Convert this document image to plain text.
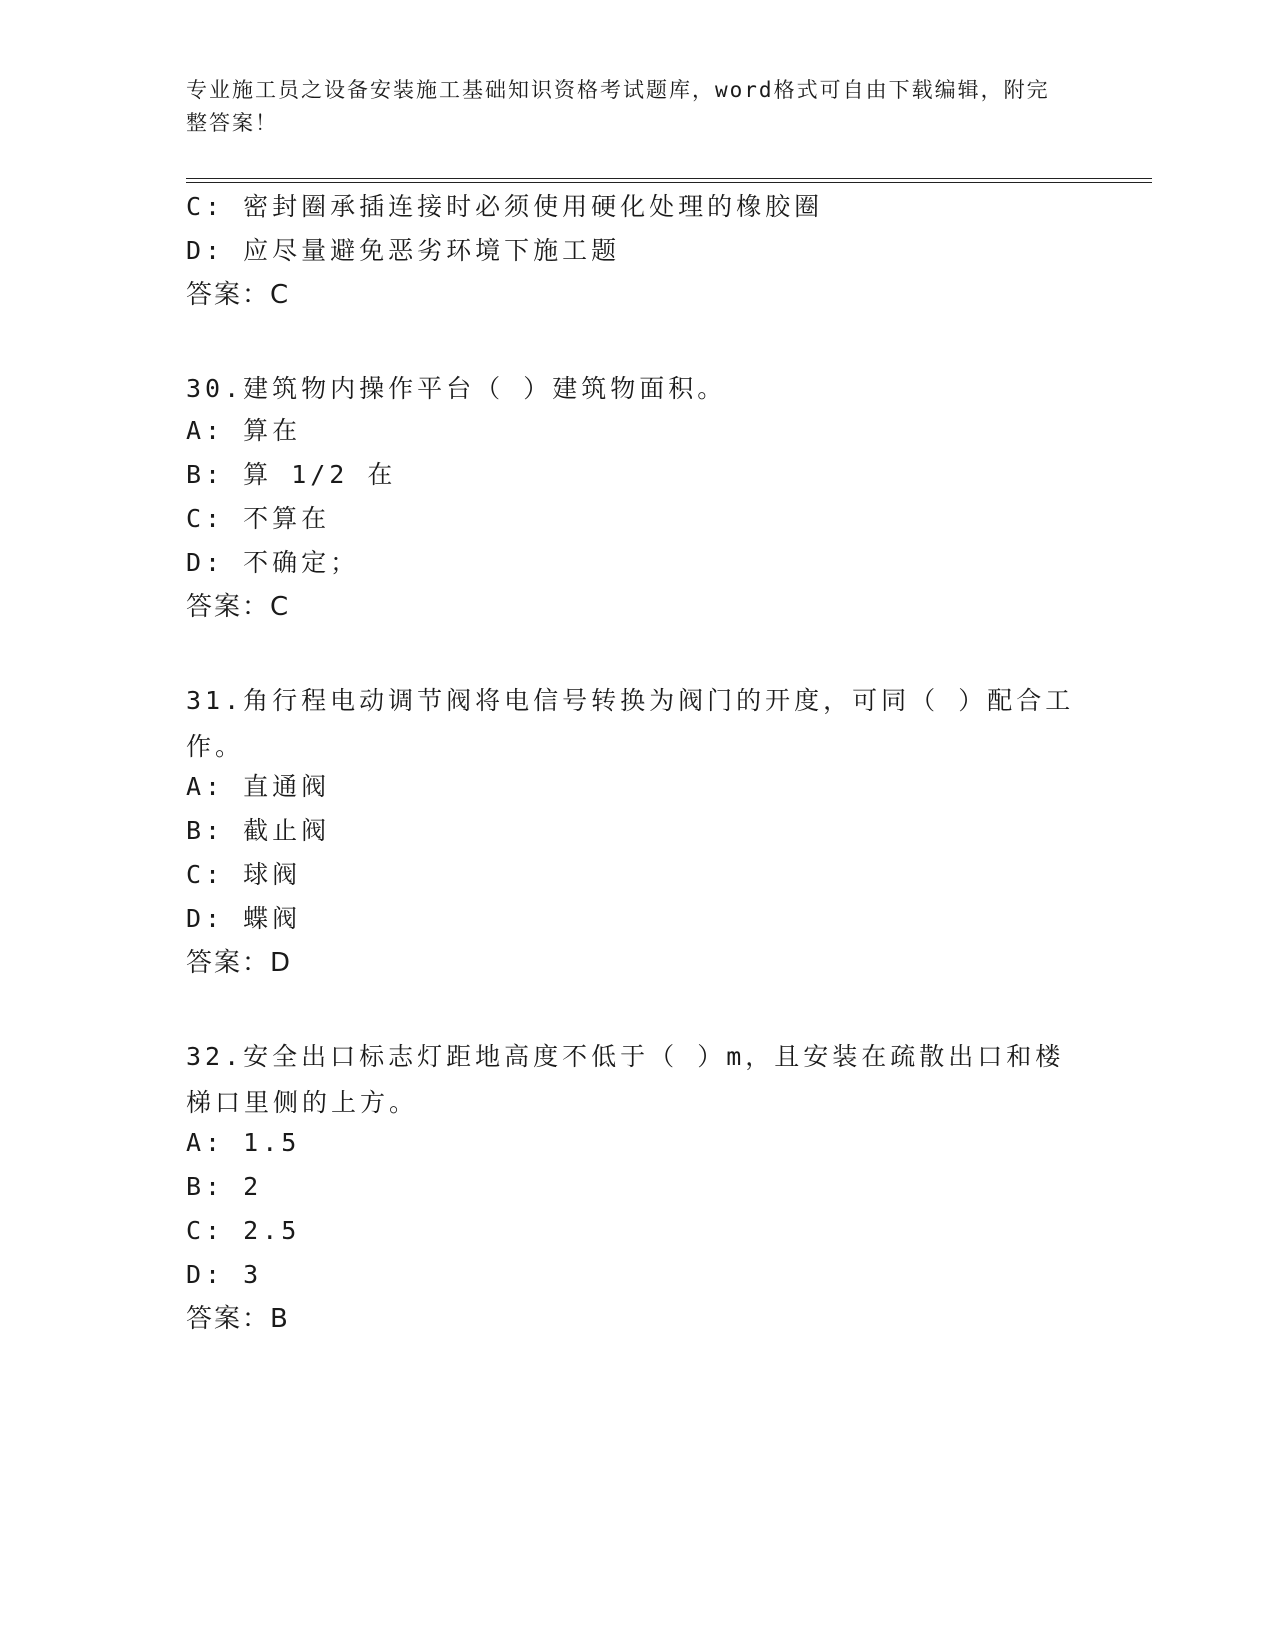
专业施工员之设备安装施工基础知识资格考试题库，word格式可自由下载编辑，附完整答案！
C: 密封圈承插连接时必须使用硬化处理的橡胶圈
D: 应尽量避免恶劣环境下施工题
答案：C
30.建筑物内操作平台（ ）建筑物面积。
A: 算在
B: 算 1/2 在
C: 不算在
D: 不确定；
答案：C
31.角行程电动调节阀将电信号转换为阀门的开度，可同（ ）配合工作。
A: 直通阀
B: 截止阀
C: 球阀
D: 蝶阀
答案：D
32.安全出口标志灯距地高度不低于（ ）m，且安装在疏散出口和楼梯口里侧的上方。
A: 1.5
B: 2
C: 2.5
D: 3
答案：B
